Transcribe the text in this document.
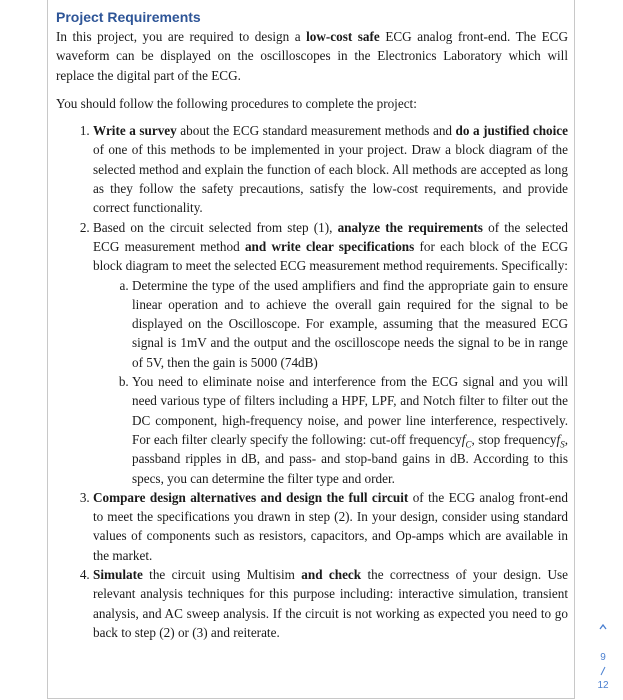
Project Requirements

In this project, you are required to design a low-cost safe ECG analog front-end. The ECG waveform can be displayed on the oscilloscopes in the Electronics Laboratory which will replace the digital part of the ECG.

You should follow the following procedures to complete the project:

1. Write a survey about the ECG standard measurement methods and do a justified choice of one of this methods to be implemented in your project. Draw a block diagram of the selected method and explain the function of each block. All methods are accepted as long as they follow the safety precautions, satisfy the low-cost requirements, and provide correct functionality.
2. Based on the circuit selected from step (1), analyze the requirements of the selected ECG measurement method and write clear specifications for each block of the ECG block diagram to meet the selected ECG measurement method requirements. Specifically:
a. Determine the type of the used amplifiers and find the appropriate gain to ensure linear operation and to achieve the overall gain required for the signal to be displayed on the Oscilloscope. For example, assuming that the measured ECG signal is 1mV and the output and the oscilloscope needs the signal to be in range of 5V, then the gain is 5000 (74dB)
b. You need to eliminate noise and interference from the ECG signal and you will need various type of filters including a HPF, LPF, and Notch filter to filter out the DC component, high-frequency noise, and power line interference, respectively. For each filter clearly specify the following: cut-off frequencyf$_C$, stop frequencyf$_S$, passband ripples in dB, and pass- and stop-band gains in dB. According to this specs, you can determine the filter type and order.
3. Compare design alternatives and design the full circuit of the ECG analog front-end to meet the specifications you drawn in step (2). In your design, consider using standard values of components such as resistors, capacitors, and Op-amps which are available in the market.
4. Simulate the circuit using Multisim and check the correctness of your design. Use relevant analysis techniques for this purpose including: interactive simulation, transient analysis, and AC sweep analysis. If the circuit is not working as expected you need to go back to step (2) or (3) and reiterate.
9
12
